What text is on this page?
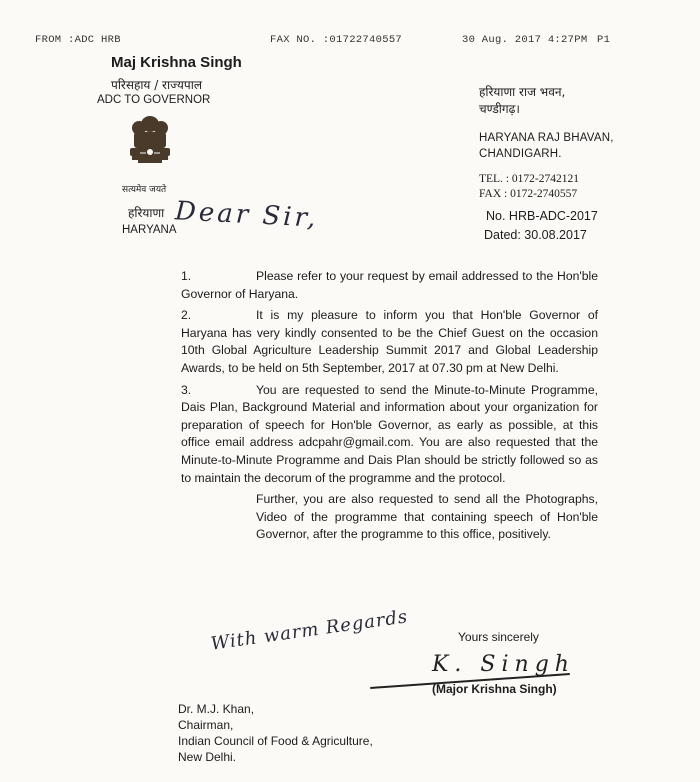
FROM :ADC HRB	FAX NO. :01722740557	30 Aug. 2017 4:27PM P1
Maj Krishna Singh
परिसहाय / राज्यपाल
ADC TO GOVERNOR
सत्यमेव जयते
हरियाणा
HARYANA
हरियाणा राज भवन,
चण्डीगढ़।
HARYANA RAJ BHAVAN,
CHANDIGARH.
TEL. : 0172-2742121
FAX : 0172-2740557
No. HRB-ADC-2017
Dated: 30.08.2017
Dear Sir,

1.	Please refer to your request by email addressed to the Hon'ble Governor of Haryana.

2.	It is my pleasure to inform you that Hon'ble Governor of Haryana has very kindly consented to be the Chief Guest on the occasion 10th Global Agriculture Leadership Summit 2017 and Global Leadership Awards, to be held on 5th September, 2017 at 07.30 pm at New Delhi.

3.	You are requested to send the Minute-to-Minute Programme, Dais Plan, Background Material and information about your organization for preparation of speech for Hon'ble Governor, as early as possible, at this office email address adcpahr@gmail.com. You are also requested that the Minute-to-Minute Programme and Dais Plan should be strictly followed so as to maintain the decorum of the programme and the protocol.

Further, you are also requested to send all the Photographs, Video of the programme that containing speech of Hon'ble Governor, after the programme to this office, positively.

With warm Regards	Yours sincerely
K. Singh
(Major Krishna Singh)
Dr. M.J. Khan,
Chairman,
Indian Council of Food & Agriculture,
New Delhi.
